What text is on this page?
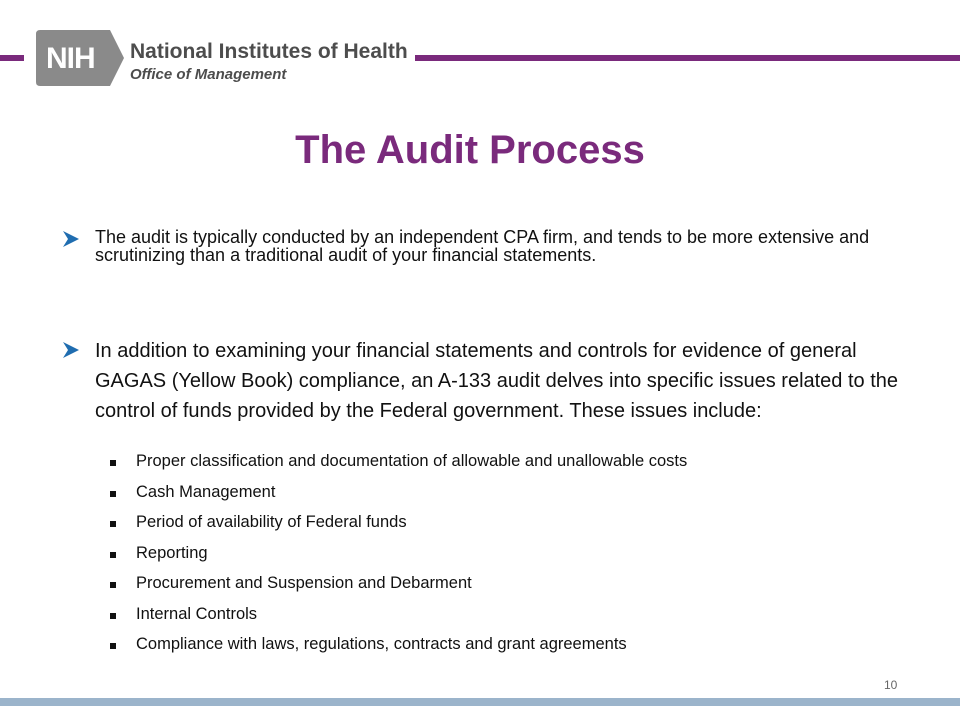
NIH National Institutes of Health
Office of Management
The Audit Process
The audit is typically conducted by an independent CPA firm, and tends to be more extensive and scrutinizing than a traditional audit of your financial statements.
In addition to examining your financial statements and controls for evidence of general GAGAS (Yellow Book) compliance, an A-133 audit delves into specific issues related to the control of funds provided by the Federal government. These issues include:
Proper classification and documentation of allowable and unallowable costs
Cash Management
Period of availability of Federal funds
Reporting
Procurement and Suspension and Debarment
Internal Controls
Compliance with laws, regulations, contracts and grant agreements
10
